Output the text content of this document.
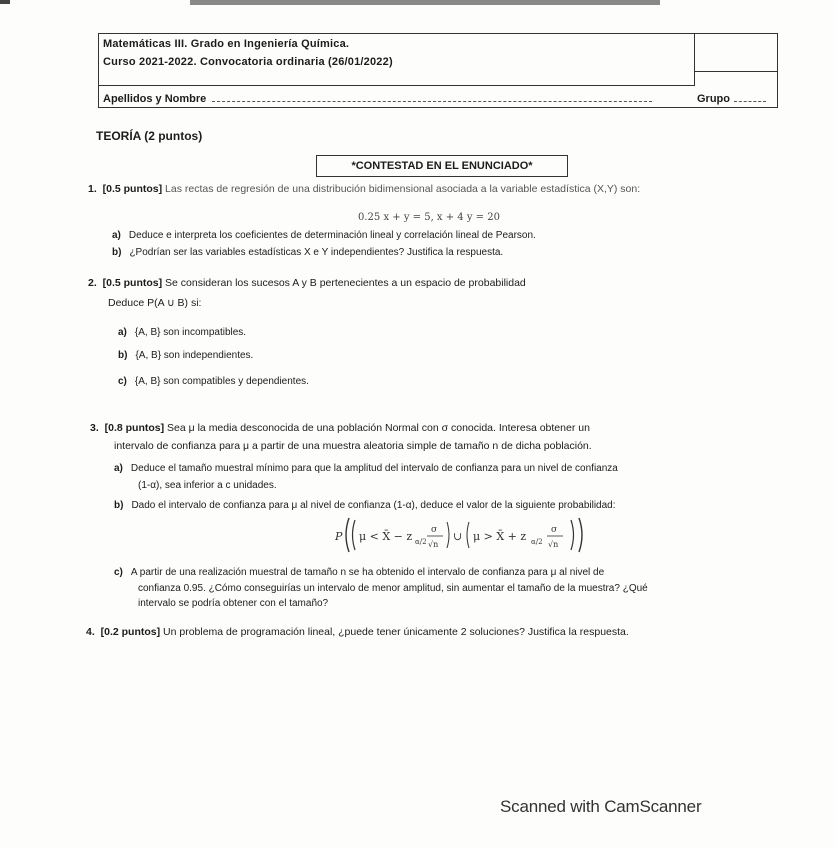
Matemáticas III. Grado en Ingeniería Química.
Curso 2021-2022. Convocatoria ordinaria (26/01/2022)
Apellidos y Nombre	Grupo
TEORÍA (2 puntos)
*CONTESTAD EN EL ENUNCIADO*
1. [0.5 puntos] Las rectas de regresión de una distribución bidimensional asociada a la variable estadística (X,Y) son:
0.25 x + y = 5, x + 4 y = 20
a) Deduce e interpreta los coeficientes de determinación lineal y correlación lineal de Pearson.
b) ¿Podrían ser las variables estadísticas X e Y independientes? Justifica la respuesta.
2. [0.5 puntos] Se consideran los sucesos A y B pertenecientes a un espacio de probabilidad
Deduce P(A ∪ B) si:
a) {A, B} son incompatibles.
b) {A, B} son independientes.
c) {A, B} son compatibles y dependientes.
3. [0.8 puntos] Sea μ la media desconocida de una población Normal con σ conocida. Interesa obtener un
intervalo de confianza para μ a partir de una muestra aleatoria simple de tamaño n de dicha población.
a) Deduce el tamaño muestral mínimo para que la amplitud del intervalo de confianza para un nivel de confianza
(1-α), sea inferior a c unidades.
b) Dado el intervalo de confianza para μ al nivel de confianza (1-α), deduce el valor de la siguiente probabilidad:
P μ < X̄ − z α/2
σ
√n
∪ μ > X̄ + z α/2
σ
√n
c) A partir de una realización muestral de tamaño n se ha obtenido el intervalo de confianza para μ al nivel de
confianza 0.95. ¿Cómo conseguirías un intervalo de menor amplitud, sin aumentar el tamaño de la muestra? ¿Qué
intervalo se podría obtener con el tamaño?
4. [0.2 puntos] Un problema de programación lineal, ¿puede tener únicamente 2 soluciones? Justifica la respuesta.
Scanned with CamScanner
